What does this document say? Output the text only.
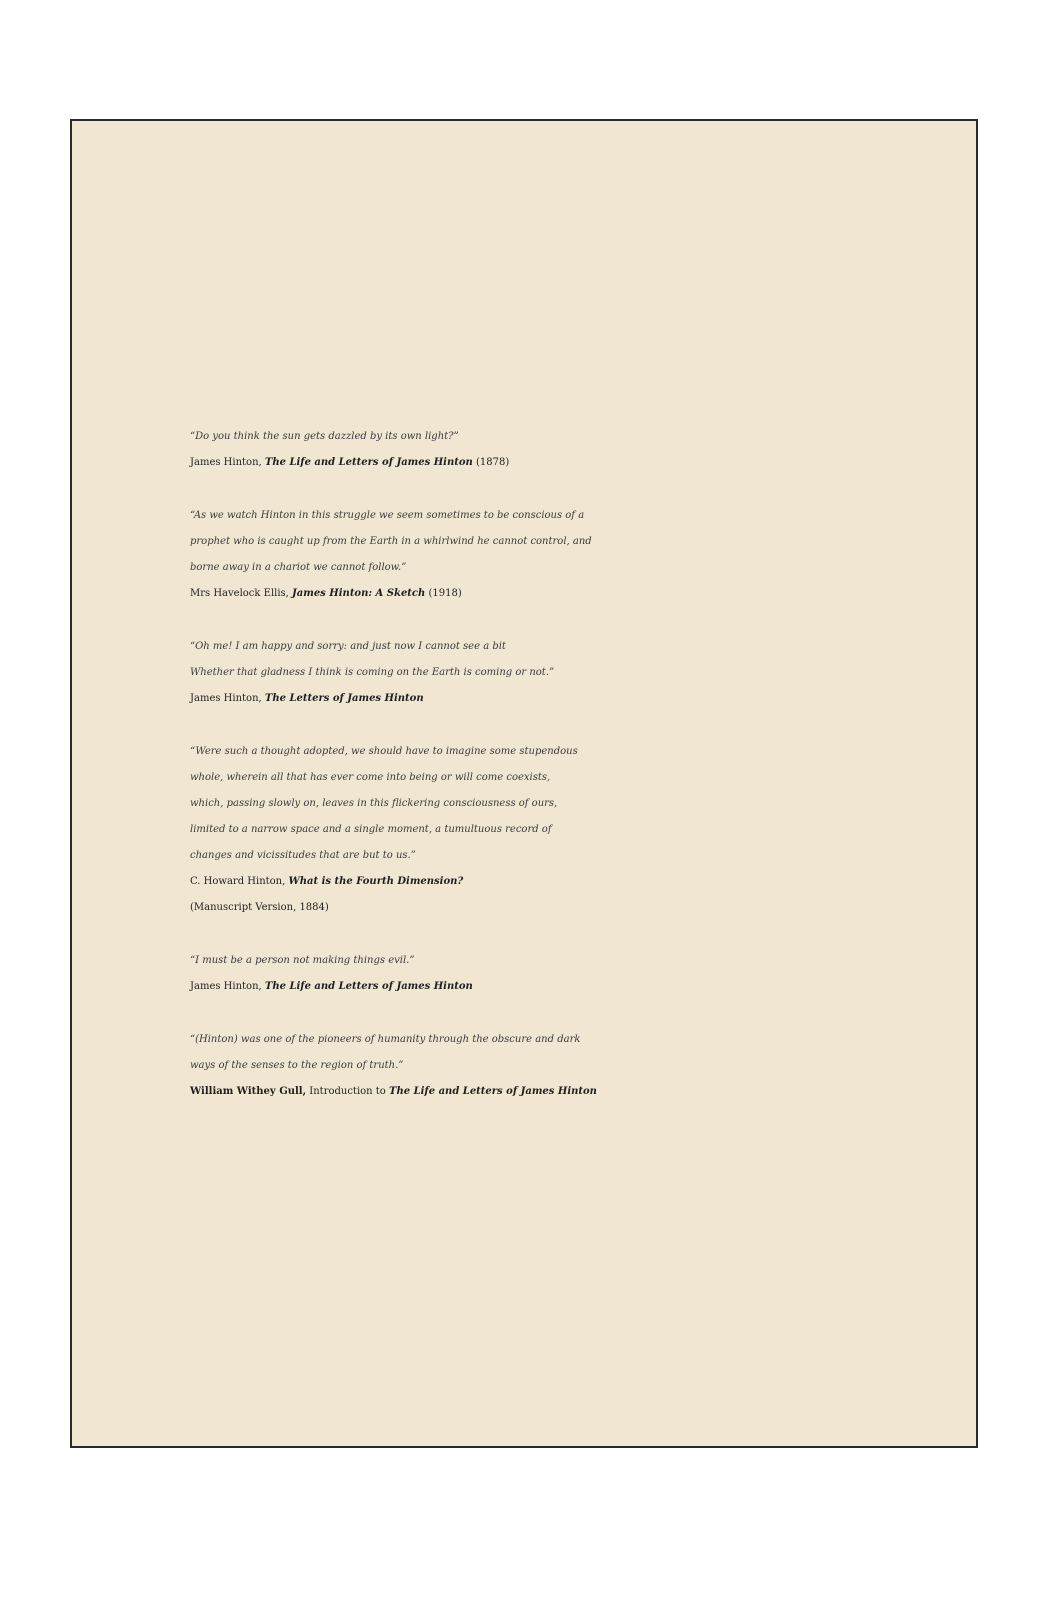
“Do you think the sun gets dazzled by its own light?”
James Hinton, The Life and Letters of James Hinton (1878)
“As we watch Hinton in this struggle we seem sometimes to be conscious of a
prophet who is caught up from the Earth in a whirlwind he cannot control, and
borne away in a chariot we cannot follow.”
Mrs Havelock Ellis, James Hinton: A Sketch (1918)
“Oh me! I am happy and sorry: and just now I cannot see a bit
Whether that gladness I think is coming on the Earth is coming or not.”
James Hinton, The Letters of James Hinton
“Were such a thought adopted, we should have to imagine some stupendous
whole, wherein all that has ever come into being or will come coexists,
which, passing slowly on, leaves in this flickering consciousness of ours,
limited to a narrow space and a single moment, a tumultuous record of
changes and vicissitudes that are but to us.”
C. Howard Hinton, What is the Fourth Dimension?
(Manuscript Version, 1884)
“I must be a person not making things evil.”
James Hinton, The Life and Letters of James Hinton
“(Hinton) was one of the pioneers of humanity through the obscure and dark
ways of the senses to the region of truth.”
William Withey Gull, Introduction to The Life and Letters of James Hinton
